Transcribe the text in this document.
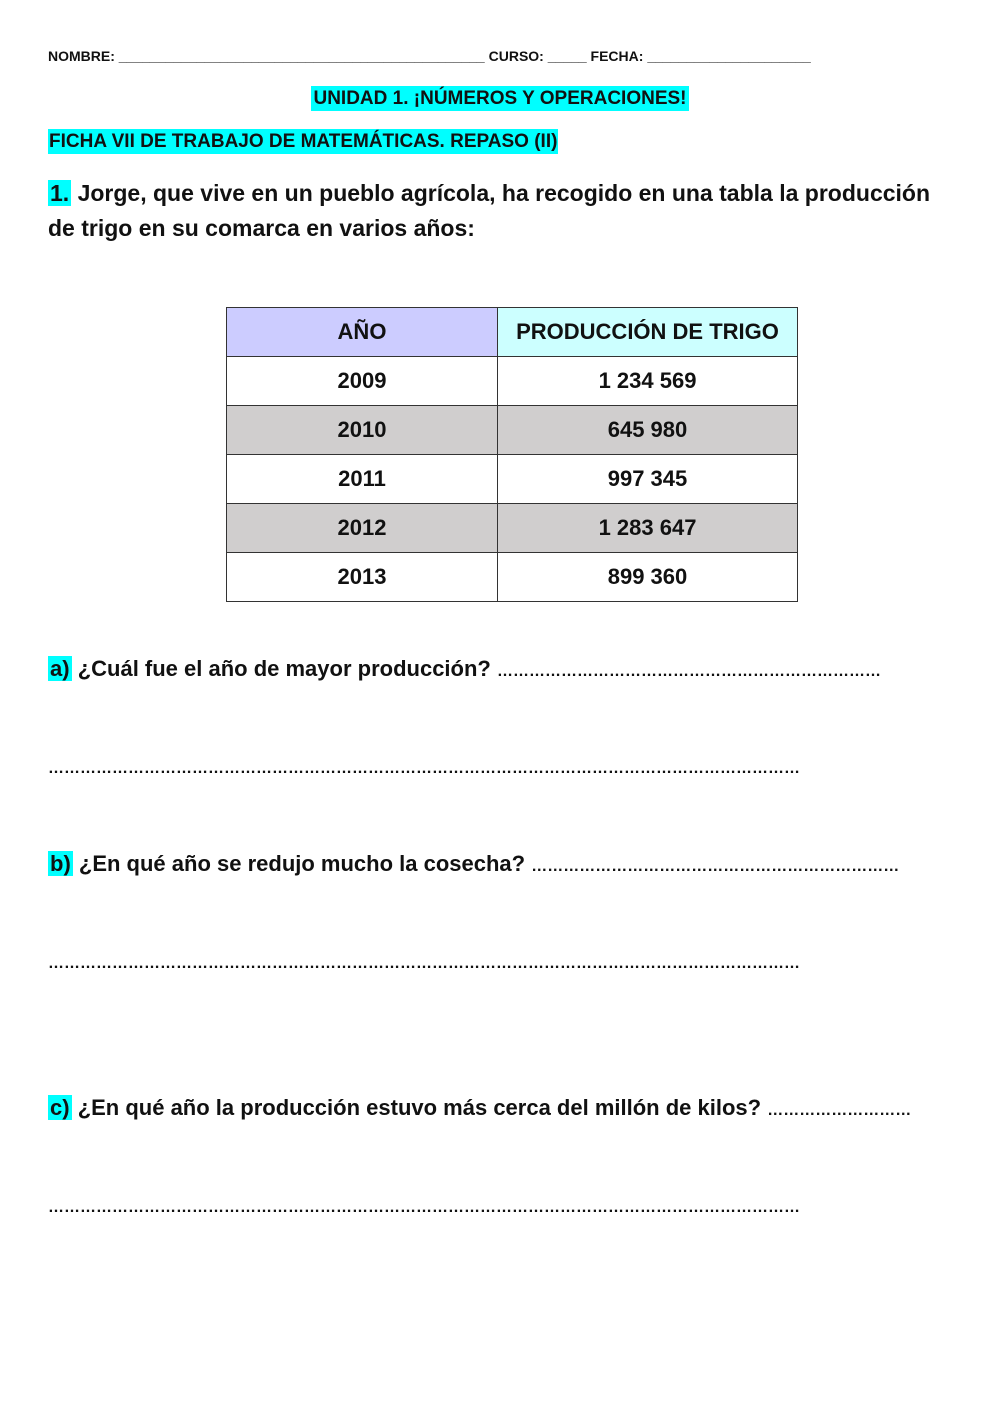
NOMBRE: _______________________________________________ CURSO: _____ FECHA: _____________________
UNIDAD 1. ¡NÚMEROS Y OPERACIONES!
FICHA VII DE TRABAJO DE MATEMÁTICAS. REPASO (II)
1. Jorge, que vive en un pueblo agrícola, ha recogido en una tabla la producción de trigo en su comarca en varios años:
AÑO	PRODUCCIÓN DE TRIGO
2009	1 234 569
2010	645 980
2011	997 345
2012	1 283 647
2013	899 360
a) ¿Cuál fue el año de mayor producción? ………………………………………………………………
……………………………………………………………………………………………………………………………
b) ¿En qué año se redujo mucho la cosecha? ……………………………………………………………
……………………………………………………………………………………………………………………………
c) ¿En qué año la producción estuvo más cerca del millón de kilos? ………………………
……………………………………………………………………………………………………………………………
